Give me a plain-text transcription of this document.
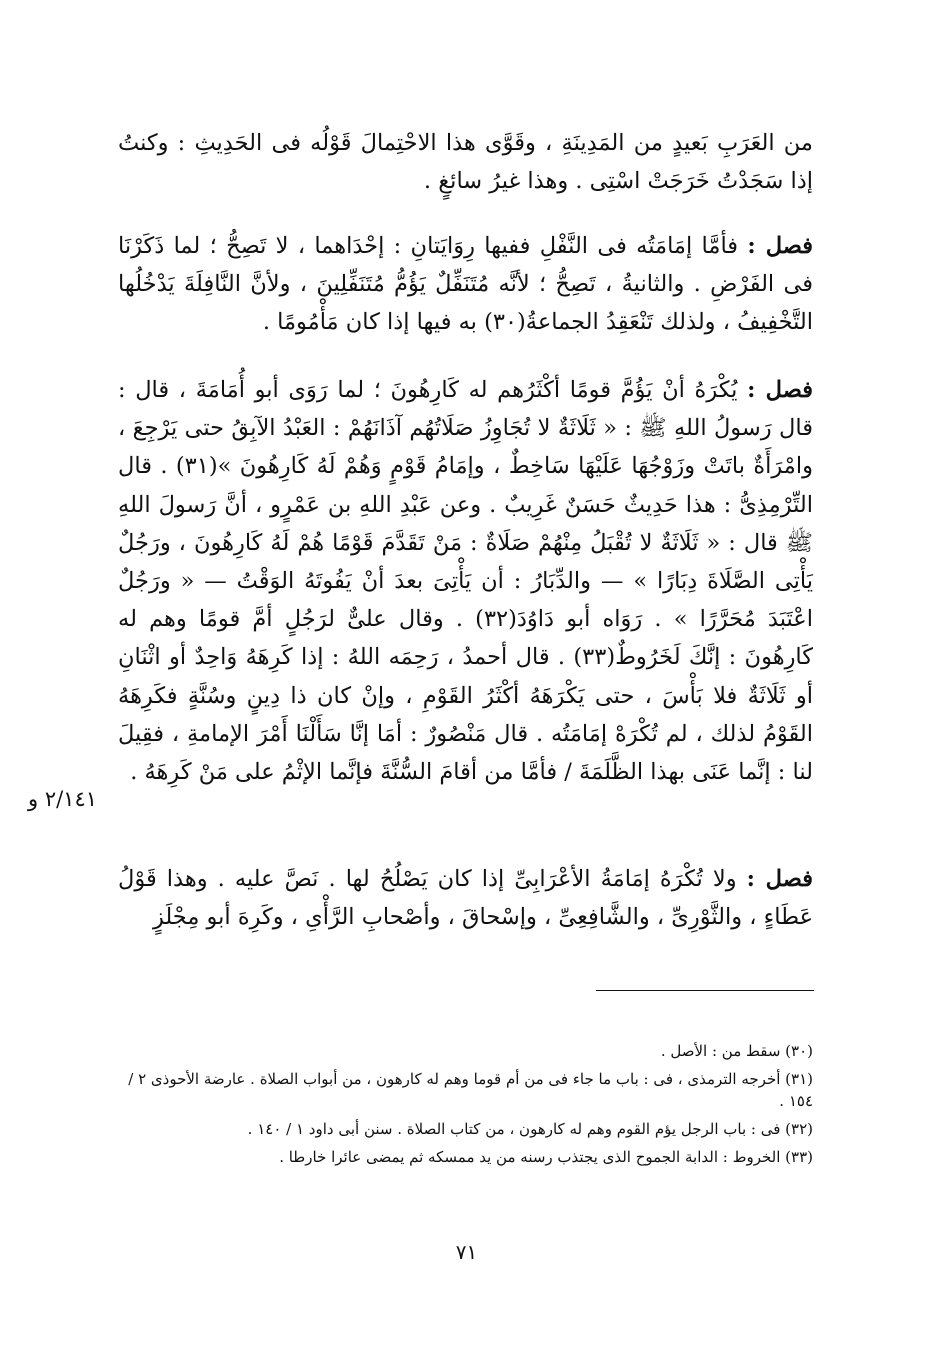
من العَرَبِ بَعيدٍ من المَدِينَةِ ، وقَوَّى هذا الاحْتِمالَ قَوْلُه فى الحَدِيثِ : وكنتُ إذا سَجَدْتُ خَرَجَتْ اسْتِى . وهذا غيرُ سائغٍ .
فصل : فأمَّا إمَامَتُه فى النَّفْلِ ففيها رِوَايَتانِ : إحْدَاهما ، لا تَصِحُّ ؛ لما ذَكَرْنَا فى الفَرْضِ . والثانيةُ ، تَصِحُّ ؛ لأنَّه مُتَنَفِّلٌ يَؤُمُّ مُتَنَفِّلِينَ ، ولأنَّ النَّافِلَةَ يَدْخُلُها التَّخْفِيفُ ، ولذلك تَنْعَقِدُ الجماعةُ(٣٠) به فيها إذا كان مَأْمُومًا .
فصل : يُكْرَهُ أنْ يَؤُمَّ قومًا أكْثَرُهم له كَارِهُونَ ؛ لما رَوَى أبو أُمَامَةَ ، قال : قال رَسولُ اللهِ ﷺ : « ثَلَاثَةٌ لا تُجَاوِزُ صَلَاتُهُم آذَانَهُمْ : العَبْدُ الآبِقُ حتى يَرْجِعَ ، وامْرَأَةٌ باتَتْ وزَوْجُهَا عَلَيْهَا سَاخِطٌ ، وإمَامُ قَوْمٍ وَهُمْ لَهُ كَارِهُونَ »(٣١) . قال التِّرْمِذِىُّ : هذا حَدِيثٌ حَسَنٌ غَرِيبٌ . وعن عَبْدِ اللهِ بن عَمْرٍو ، أنَّ رَسولَ اللهِ ﷺ قال : « ثَلَاثَةٌ لا تُقْبَلُ مِنْهُمْ صَلَاةٌ : مَنْ تَقَدَّمَ قَوْمًا هُمْ لَهُ كَارِهُونَ ، ورَجُلٌ يَأْتِى الصَّلَاةَ دِبَارًا » — والدِّبَارُ : أن يَأْتِىَ بعدَ أنْ يَفُوتَهُ الوَقْتُ — « ورَجُلٌ اعْتَبَدَ مُحَرَّرًا » . رَوَاه أبو دَاوُدَ(٣٢) . وقال علىٌّ لرَجُلٍ أمَّ قومًا وهم له كَارِهُونَ : إنَّكَ لَخَرُوطٌ(٣٣) . قال أحمدُ ، رَحِمَه اللهُ : إذا كَرِهَهُ وَاحِدٌ أو اثْنَانِ أو ثَلَاثَةٌ فلا بَأْسَ ، حتى يَكْرَهَهُ أكْثَرُ القَوْمِ ، وإنْ كان ذا دِينٍ وسُنَّةٍ فكَرِهَهُ القَوْمُ لذلك ، لم تُكْرَهْ إمَامَتُه . قال مَنْصُورٌ : أمَا إنَّا سَأَلْنَا أَمْرَ الإمامةِ ، فقِيلَ لنا : إنَّما عَنَى بهذا الظَّلَمَةَ / فأمَّا من أقامَ السُّنَّةَ فإنَّما الإثْمُ على مَنْ كَرِهَهُ .
٢/١٤١ و
فصل : ولا تُكْرَهُ إمَامَةُ الأعْرَابِىِّ إذا كان يَصْلُحُ لها . نَصَّ عليه . وهذا قَوْلُ عَطَاءٍ ، والثَّوْرِىِّ ، والشَّافِعِىِّ ، وإسْحاقَ ، وأصْحابِ الرَّأْىِ ، وكَرِهَ أبو مِجْلَزٍ
(٣٠) سقط من : الأصل .
(٣١) أخرجه الترمذى ، فى : باب ما جاء فى من أم قوما وهم له كارهون ، من أبواب الصلاة . عارضة الأحوذى ٢ / ١٥٤ .
(٣٢) فى : باب الرجل يؤم القوم وهم له كارهون ، من كتاب الصلاة . سنن أبى داود ١ / ١٤٠ .
(٣٣) الخروط : الدابة الجموح الذى يجتذب رسنه من يد ممسكه ثم يمضى عائرا خارطا .
٧١
